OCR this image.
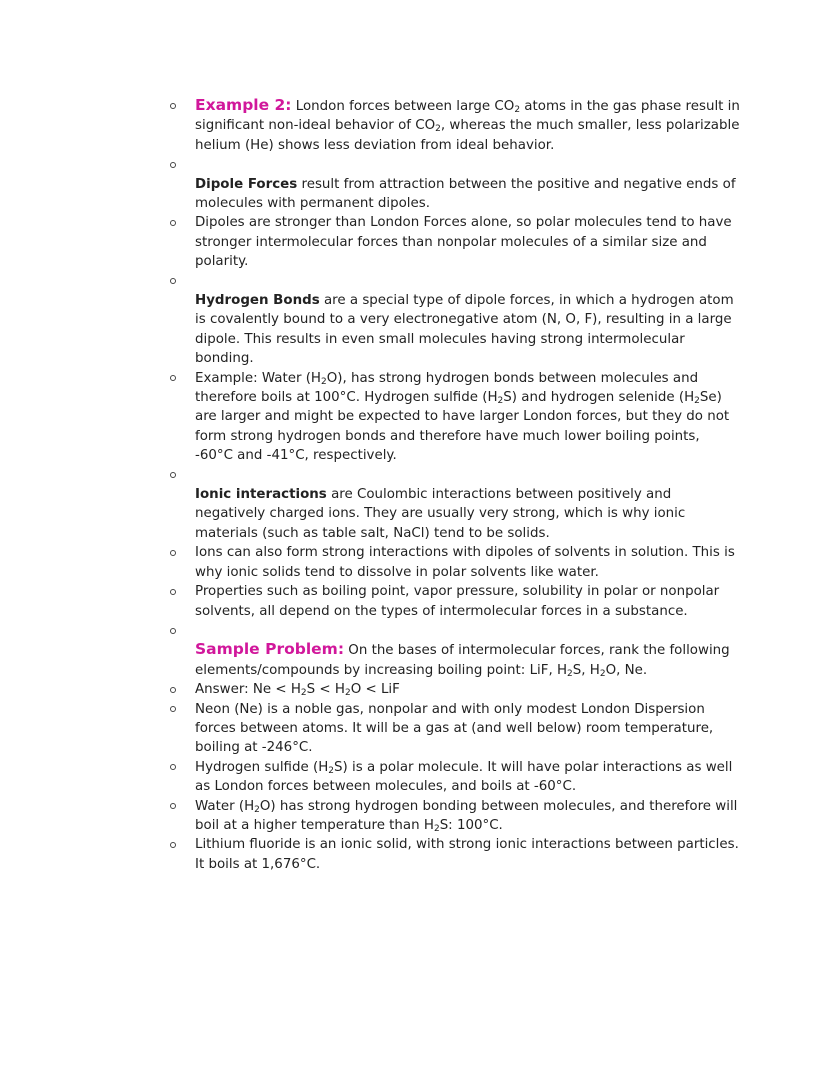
Example 2: London forces between large $CO_2$ atoms in the gas phase result in significant non-ideal behavior of $CO_2$, whereas the much smaller, less polarizable helium (He) shows less deviation from ideal behavior.
Dipole Forces result from attraction between the positive and negative ends of molecules with permanent dipoles.
Dipoles are stronger than London Forces alone, so polar molecules tend to have stronger intermolecular forces than nonpolar molecules of a similar size and polarity.
Hydrogen Bonds are a special type of dipole forces, in which a hydrogen atom is covalently bound to a very electronegative atom (N, O, F), resulting in a large dipole. This results in even small molecules having strong intermolecular bonding.
Example: Water $(H_2O)$, has strong hydrogen bonds between molecules and therefore boils at 100°C. Hydrogen sulfide $(H_2S)$ and hydrogen selenide $(H_2Se)$ are larger and might be expected to have larger London forces, but they do not form strong hydrogen bonds and therefore have much lower boiling points, -60°C and -41°C, respectively.
Ionic interactions are Coulombic interactions between positively and negatively charged ions. They are usually very strong, which is why ionic materials (such as table salt, NaCl) tend to be solids.
Ions can also form strong interactions with dipoles of solvents in solution. This is why ionic solids tend to dissolve in polar solvents like water.
Properties such as boiling point, vapor pressure, solubility in polar or nonpolar solvents, all depend on the types of intermolecular forces in a substance.
Sample Problem: On the bases of intermolecular forces, rank the following elements/compounds by increasing boiling point: LiF, $H_2S$, $H_2O$, Ne.
Answer: $Ne < H_2S < H_2O$ < LiF
Neon (Ne) is a noble gas, nonpolar and with only modest London Dispersion forces between atoms. It will be a gas at (and well below) room temperature, boiling at -246°C.
Hydrogen sulfide $(H_2S)$ is a polar molecule. It will have polar interactions as well as London forces between molecules, and boils at -60°C.
Water $(H_2O)$ has strong hydrogen bonding between molecules, and therefore will boil at a higher temperature than $H_2S$: 100°C.
Lithium fluoride is an ionic solid, with strong ionic interactions between particles. It boils at 1,676°C.
